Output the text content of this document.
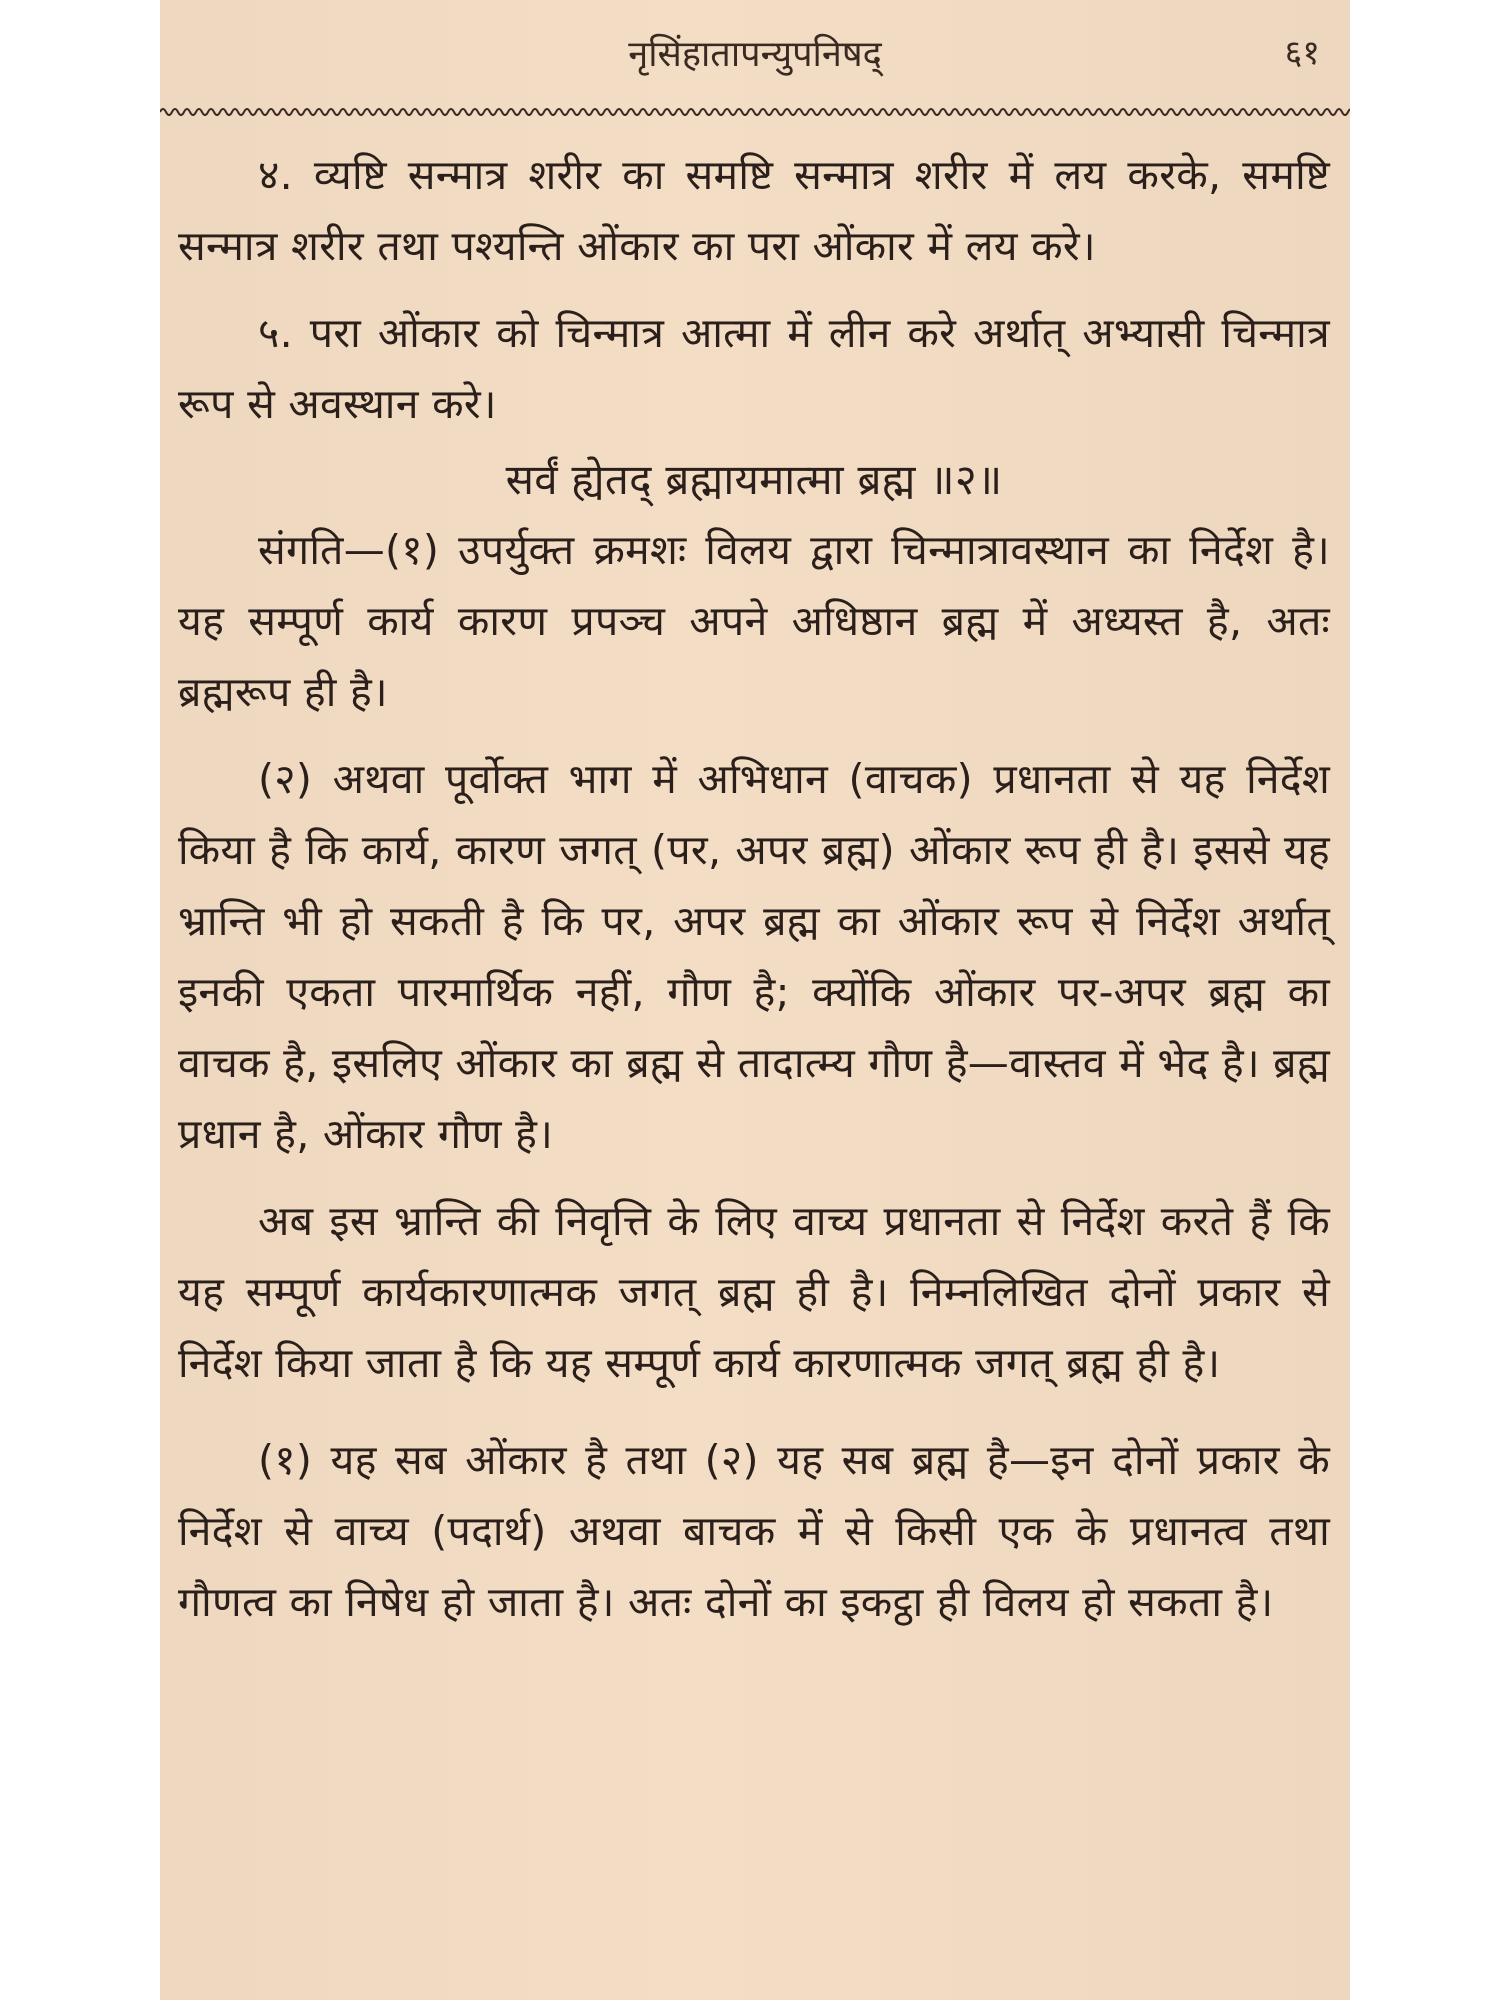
नृसिंहातापन्युपनिषद्	६१

४. व्यष्टि सन्मात्र शरीर का समष्टि सन्मात्र शरीर में लय करके, समष्टि सन्मात्र शरीर तथा पश्यन्ति ओंकार का परा ओंकार में लय करे।

५. परा ओंकार को चिन्मात्र आत्मा में लीन करे अर्थात् अभ्यासी चिन्मात्र रूप से अवस्थान करे।

सर्वं ह्येतद् ब्रह्मायमात्मा ब्रह्म ॥२॥

संगति—(१) उपर्युक्त क्रमशः विलय द्वारा चिन्मात्रावस्थान का निर्देश है। यह सम्पूर्ण कार्य कारण प्रपञ्च अपने अधिष्ठान ब्रह्म में अध्यस्त है, अतः ब्रह्मरूप ही है।

(२) अथवा पूर्वोक्त भाग में अभिधान (वाचक) प्रधानता से यह निर्देश किया है कि कार्य, कारण जगत् (पर, अपर ब्रह्म) ओंकार रूप ही है। इससे यह भ्रान्ति भी हो सकती है कि पर, अपर ब्रह्म का ओंकार रूप से निर्देश अर्थात् इनकी एकता पारमार्थिक नहीं, गौण है; क्योंकि ओंकार पर-अपर ब्रह्म का वाचक है, इसलिए ओंकार का ब्रह्म से तादात्म्य गौण है—वास्तव में भेद है। ब्रह्म प्रधान है, ओंकार गौण है।

अब इस भ्रान्ति की निवृत्ति के लिए वाच्य प्रधानता से निर्देश करते हैं कि यह सम्पूर्ण कार्यकारणात्मक जगत् ब्रह्म ही है। निम्नलिखित दोनों प्रकार से निर्देश किया जाता है कि यह सम्पूर्ण कार्य कारणात्मक जगत् ब्रह्म ही है।

(१) यह सब ओंकार है तथा (२) यह सब ब्रह्म है—इन दोनों प्रकार के निर्देश से वाच्य (पदार्थ) अथवा बाचक में से किसी एक के प्रधानत्व तथा गौणत्व का निषेध हो जाता है। अतः दोनों का इकट्ठा ही विलय हो सकता है।
